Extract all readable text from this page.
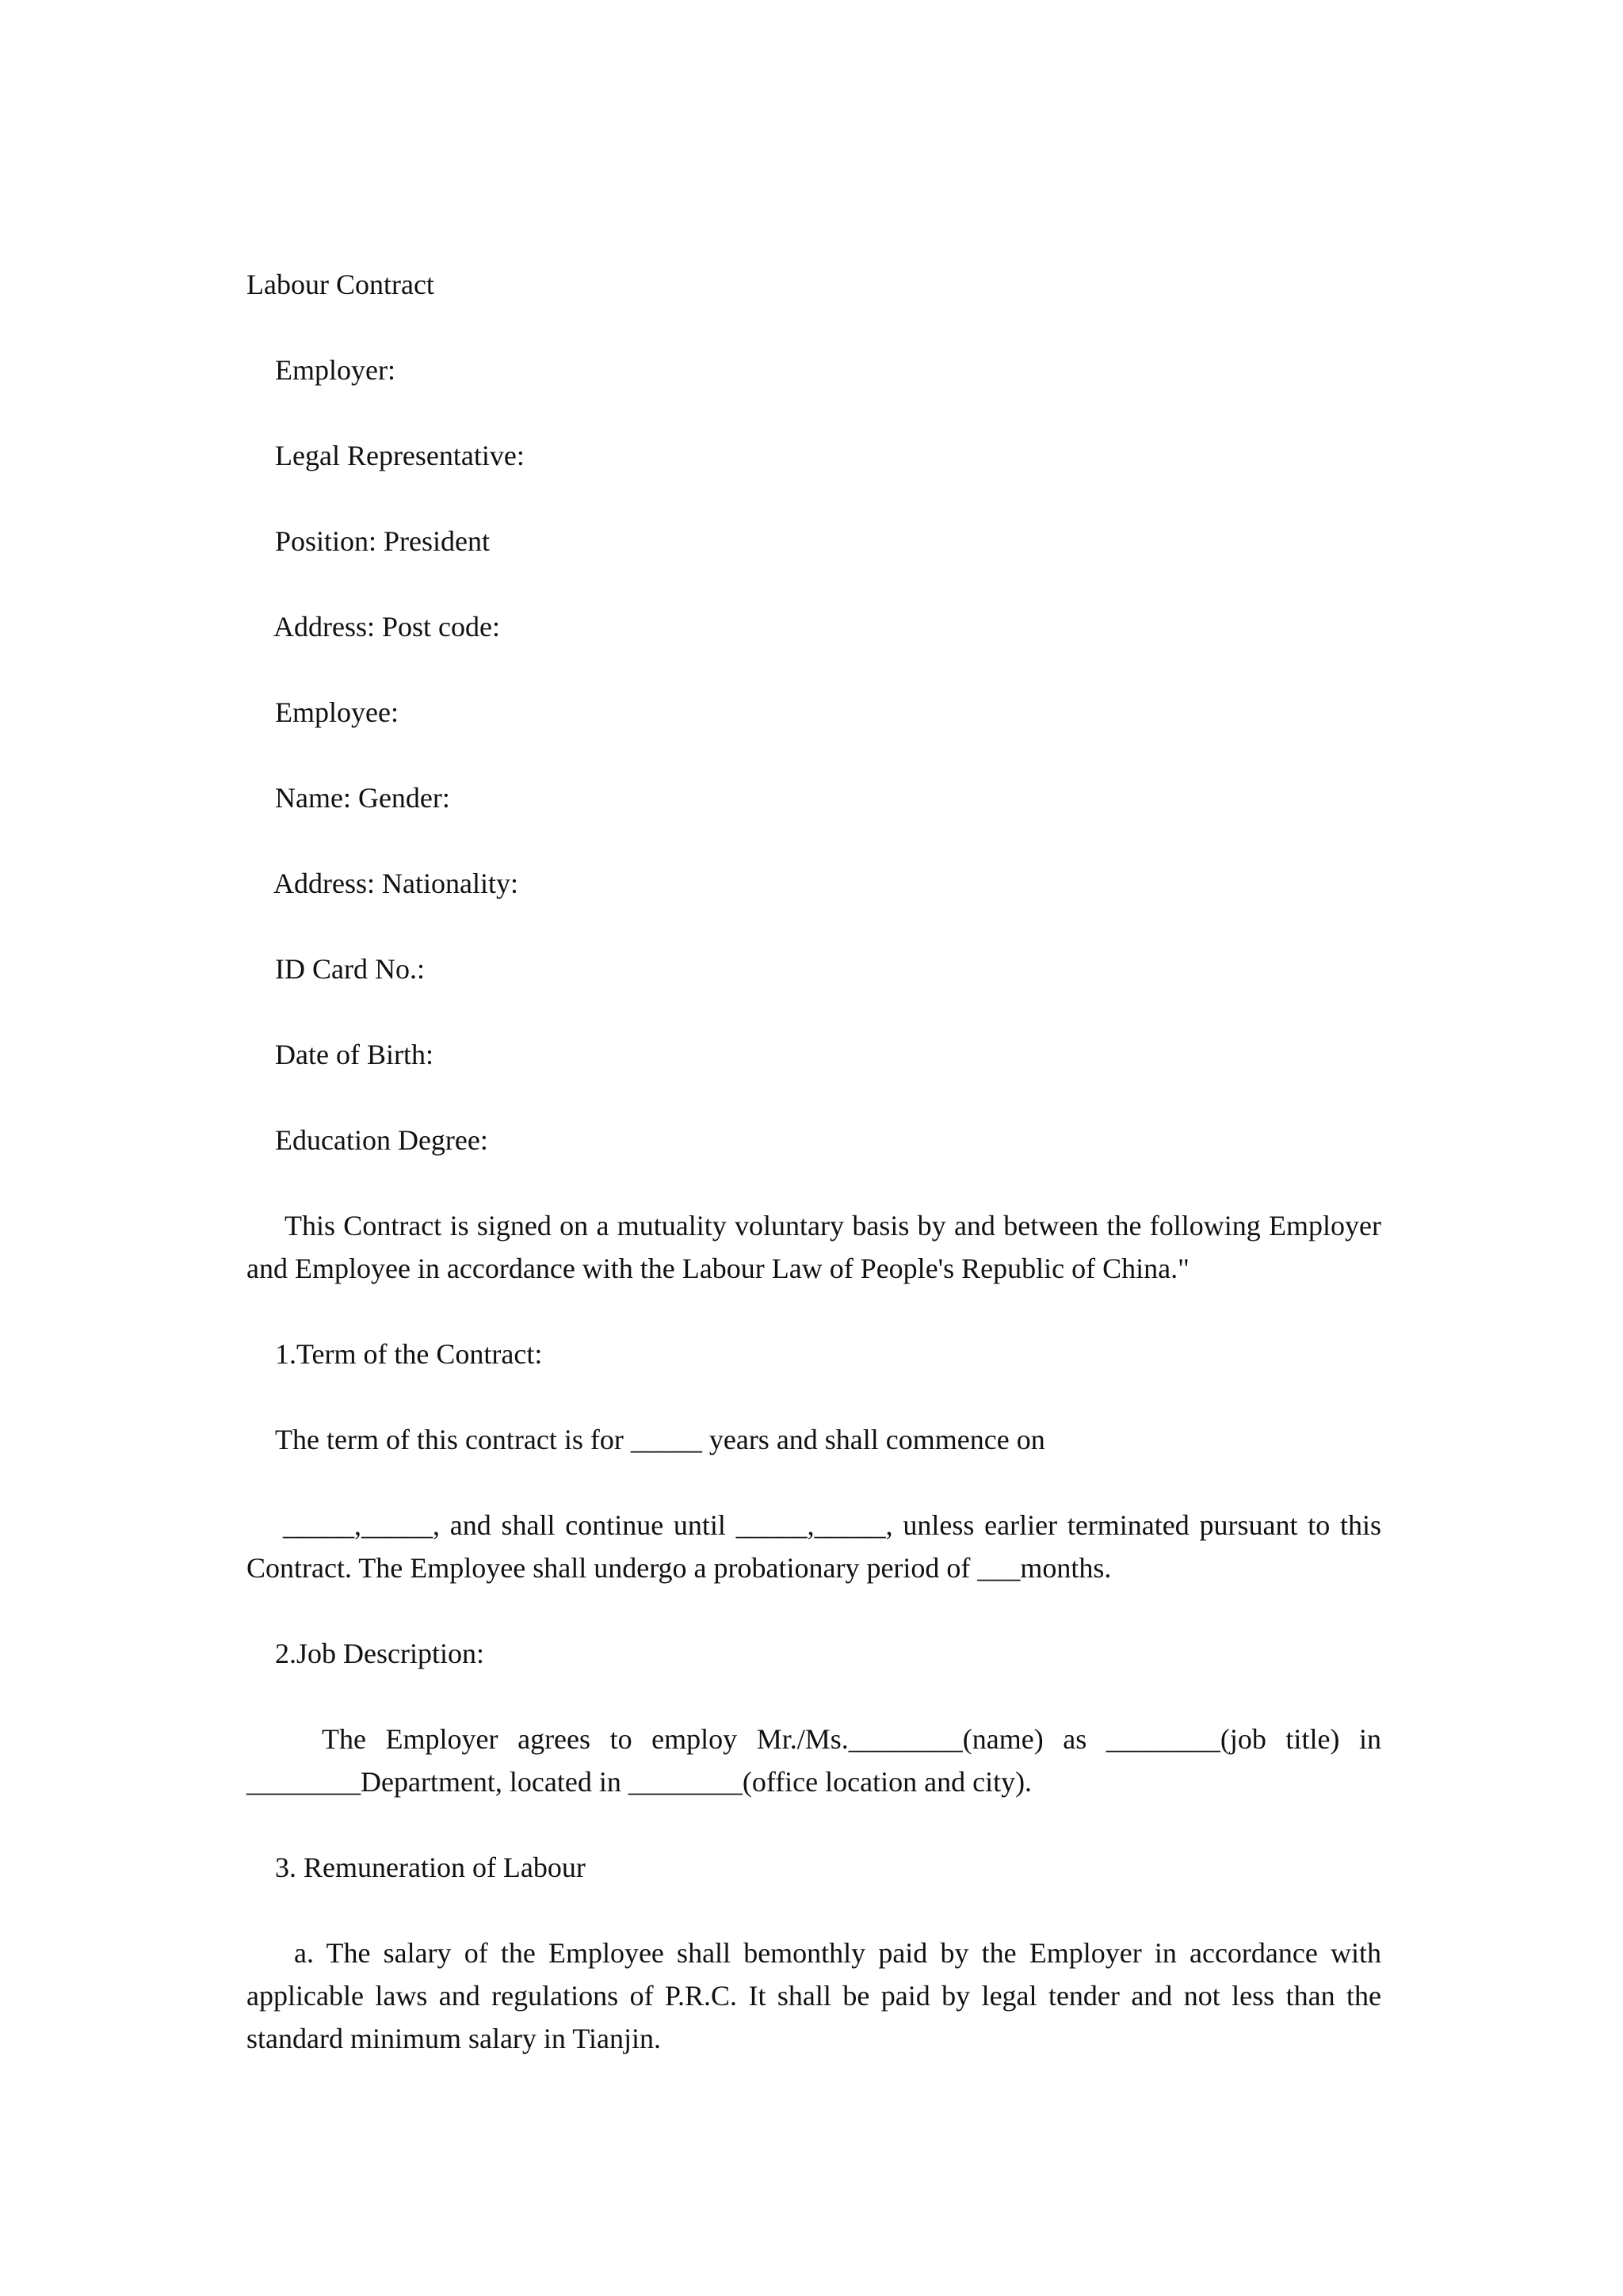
Labour Contract

Employer:

Legal Representative:

Position: President

Address: Post code:

Employee:

Name: Gender:

Address: Nationality:

ID Card No.:

Date of Birth:

Education Degree:

This Contract is signed on a mutuality voluntary basis by and between the following Employer and Employee in accordance with the Labour Law of People's Republic of China."

1.Term of the Contract:

The term of this contract is for _____ years and shall commence on

_____,_____, and shall continue until _____,_____, unless earlier terminated pursuant to this Contract. The Employee shall undergo a probationary period of ___months.

2.Job Description:

The Employer agrees to employ Mr./Ms.________(name) as ________(job title) in ________Department, located in ________(office location and city).

3. Remuneration of Labour

a. The salary of the Employee shall bemonthly paid by the Employer in accordance with applicable laws and regulations of P.R.C. It shall be paid by legal tender and not less than the standard minimum salary in Tianjin.
